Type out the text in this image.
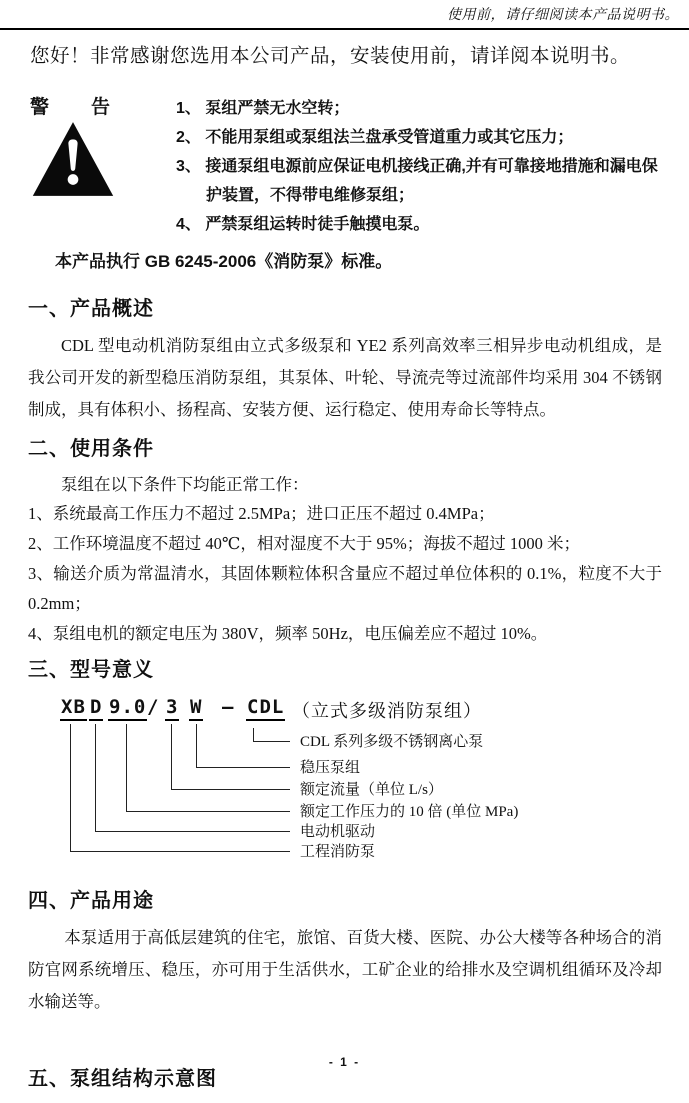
使用前，请仔细阅读本产品说明书。
您好！非常感谢您选用本公司产品，安装使用前，请详阅本说明书。
警 告	1、 泵组严禁无水空转；
2、 不能用泵组或泵组法兰盘承受管道重力或其它压力；
3、 接通泵组电源前应保证电机接线正确,并有可靠接地措施和漏电保护装置，不得带电维修泵组；
4、 严禁泵组运转时徒手触摸电泵。
本产品执行 GB 6245-2006《消防泵》标准。
一、产品概述
CDL 型电动机消防泵组由立式多级泵和 YE2 系列高效率三相异步电动机组成，是我公司开发的新型稳压消防泵组，其泵体、叶轮、导流壳等过流部件均采用 304 不锈钢制成，具有体积小、扬程高、安装方便、运行稳定、使用寿命长等特点。
二、使用条件
泵组在以下条件下均能正常工作：
1、系统最高工作压力不超过 2.5MPa；进口正压不超过 0.4MPa；
2、工作环境温度不超过 40℃，相对湿度不大于 95%；海拔不超过 1000 米；
3、输送介质为常温清水，其固体颗粒体积含量应不超过单位体积的 0.1%，粒度不大于 0.2mm；
4、泵组电机的额定电压为 380V，频率 50Hz，电压偏差应不超过 10%。
三、型号意义
XB D 9.0 / 3 W – CDL （立式多级消防泵组）
CDL 系列多级不锈钢离心泵
稳压泵组
额定流量（单位 L/s）
额定工作压力的 10 倍 (单位 MPa)
电动机驱动
工程消防泵
四、产品用途
本泵适用于高低层建筑的住宅，旅馆、百货大楼、医院、办公大楼等各种场合的消防官网系统增压、稳压，亦可用于生活供水，工矿企业的给排水及空调机组循环及冷却水输送等。
五、泵组结构示意图
- 1 -
